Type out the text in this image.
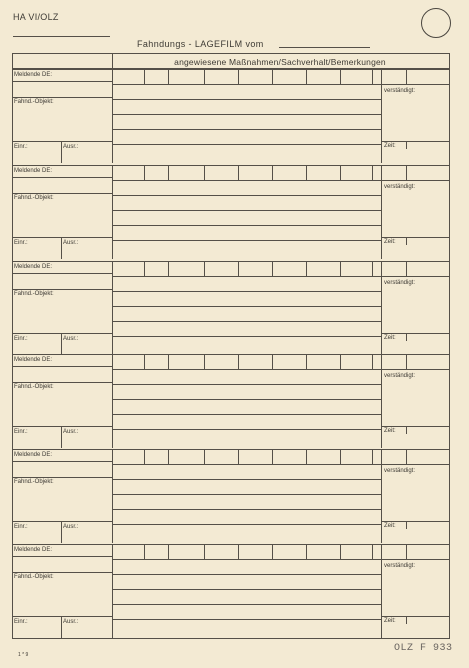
HA VI/OLZ
Fahndungs - LAGEFILM vom
angewiesene Maßnahmen/Sachverhalt/Bemerkungen
Meldende DE:
Fahnd.-Objekt:
Einr.:	Ausr.:
verständigt:
Zeit:
Meldende DE:
Fahnd.-Objekt:
Einr.:	Ausr.:
verständigt:
Zeit:
Meldende DE:
Fahnd.-Objekt:
Einr.:	Ausr.:
verständigt:
Zeit:
Meldende DE:
Fahnd.-Objekt:
Einr.:	Ausr.:
verständigt:
Zeit:
Meldende DE:
Fahnd.-Objekt:
Einr.:	Ausr.:
verständigt:
Zeit:
Meldende DE:
Fahnd.-Objekt:
Einr.:	Ausr.:
verständigt:
Zeit:
1 * 9
OLZ F 933
